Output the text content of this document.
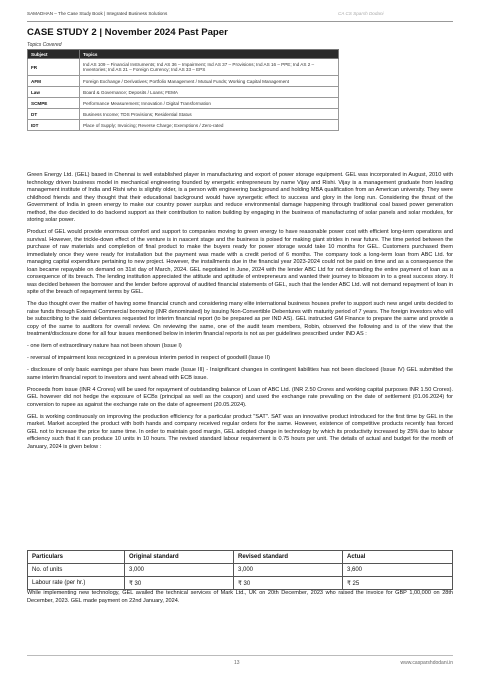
SAMADHAN – The Case Study Book | Integrated Business Solutions	CA CS Sparsh Dodani
CASE STUDY 2 | November 2024 Past Paper
Topics Covered
Subject	Topics
FR	Ind AS 109 – Financial Instruments; Ind AS 36 – Impairment; Ind AS 37 – Provisions; Ind AS 16 – PPE; Ind AS 2 – Inventories; Ind AS 21 – Foreign Currency; Ind AS 33 – EPS
AFM	Foreign Exchange / Derivatives; Portfolio Management / Mutual Funds; Working Capital Management
Law	Board & Governance; Deposits / Loans; FEMA
SCMPE	Performance Measurement; Innovation / Digital Transformation
DT	Business Income; TDS Provisions; Residential Status
IDT	Place of Supply; Invoicing; Reverse Charge; Exemptions / Zero-rated

Green Energy Ltd. (GEL) based in Chennai is well established player in manufacturing and export of power storage equipment. GEL was incorporated in August, 2010 with technology driven business model in mechanical engineering founded by energetic entrepreneurs by name Vijay and Rishi. Vijay is a management graduate from leading management institute of India and Rishi who is slightly older, is a person with engineering background and holding MBA qualification from an American university. They were childhood friends and they thought that their educational background would have synergetic effect to success and glory in the long run. Considering the thrust of the Government of India in green energy to make our country power surplus and reduce environmental damage happening through traditional coal based power generation method, the duo decided to do backend support as their contribution to nation building by engaging in the business of manufacturing of solar panels and solar modules, for storing solar power.

Product of GEL would provide enormous comfort and support to companies moving to green energy to have reasonable power cost with efficient long-term operations and survival. However, the trickle-down effect of the venture is in nascent stage and the business is poised for making giant strides in near future. The time period between the purchase of raw materials and completion of final product to make the buyers ready for power storage would take 10 months for GEL. Customers purchased them immediately once they were ready for installation but the payment was made with a credit period of 6 months. The company took a long-term loan from ABC Ltd. for managing capital expenditure pertaining to new project. However, the installments due in the financial year 2023-2024 could not be paid on time and as a consequence the loan became repayable on demand on 31st day of March, 2024. GEL negotiated in June, 2024 with the lender ABC Ltd for not demanding the entire payment of loan as a consequence of its breach. The lending institution appreciated the attitude and aptitude of entrepreneurs and wanted their journey to blossom in to a great success story. It was decided between the borrower and the lender before approval of audited financial statements of GEL, such that the lender ABC Ltd. will not demand repayment of loan in spite of the breach of repayment terms by GEL.

The duo thought over the matter of having some financial crunch and considering many elite international business houses prefer to support such new angel units decided to raise funds through External Commercial borrowing (INR denominated) by issuing Non-Convertible Debentures with maturity period of 7 years. The foreign investors who will be subscribing to the said debentures requested for interim financial report (to be prepared as per IND AS). GEL instructed GM Finance to prepare the same and provide a copy of the same to auditors for overall review. On reviewing the same, one of the audit team members, Robin, observed the following and is of the view that the treatment/disclosure done for all four issues mentioned below in interim financial reports is not as per guidelines prescribed under IND AS :

- one item of extraordinary nature has not been shown (Issue I)

- reversal of impairment loss recognized in a previous interim period in respect of goodwill (Issue II)

- disclosure of only basic earnings per share has been made (Issue III) - Insignificant changes in contingent liabilities has not been disclosed (Issue IV) GEL submitted the same interim financial report to investors and went ahead with ECB issue.

Proceeds from issue (INR 4 Crores) will be used for repayment of outstanding balance of Loan of ABC Ltd. (INR 2.50 Crores and working capital purposes INR 1.50 Crores). GEL however did not hedge the exposure of ECBs (principal as well as the coupon) and used the exchange rate prevailing on the date of settlement (01.06.2024) for conversion to rupee as against the exchange rate on the date of agreement (20.05.2024).

GEL is working continuously on improving the production efficiency for a particular product "SAT". SAT was an innovative product introduced for the first time by GEL in the market. Market accepted the product with both hands and company received regular orders for the same. However, existence of competitive products recently has forced GEL not to increase the price for same time. In order to maintain good margin, GEL adopted change in technology by which its productivity increased by 25% due to labour efficiency such that it can produce 10 units in 10 hours. The revised standard labour requirement is 0.75 hours per unit. The details of actual and budget for the month of January, 2024 is given below :

Particulars	Original standard	Revised standard	Actual
No. of units	3,000	3,000	3,600
Labour rate (per hr.)	₹ 30	₹ 30	₹ 25
While implementing new technology, GEL availed the technical services of Mark Ltd., UK on 20th December, 2023 who raised the invoice for GBP 1,00,000 on 28th December, 2023. GEL made payment on 22nd January, 2024.
13	www.casparshdodani.in
